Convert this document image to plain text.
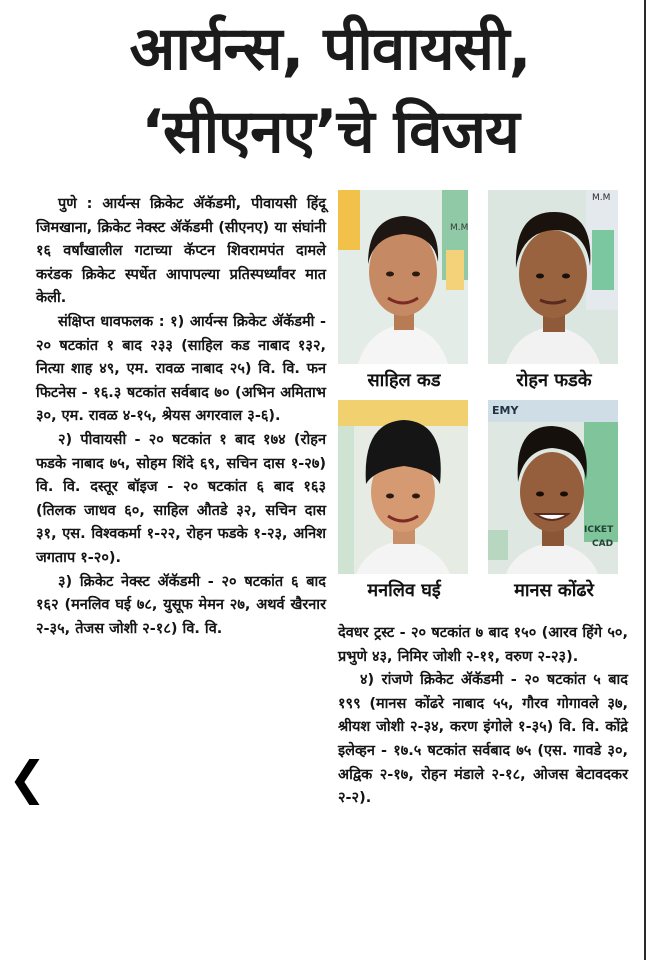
आर्यन्स, पीवायसी,
‘सीएनए’चे विजय

पुणे : आर्यन्स क्रिकेट ॲकॅडमी, पीवायसी हिंदू जिमखाना, क्रिकेट नेक्स्ट ॲकॅडमी (सीएनए) या संघांनी १६ वर्षांखालील गटाच्या कॅप्टन शिवरामपंत दामले करंडक क्रिकेट स्पर्धेत आपापल्या प्रतिस्पर्ध्यांवर मात केली.

संक्षिप्त धावफलक : १) आर्यन्स क्रिकेट ॲकॅडमी - २० षटकांत १ बाद २३३ (साहिल कड नाबाद १३२, नित्या शाह ४९, एम. रावळ नाबाद २५) वि. वि. फन फिटनेस - १६.३ षटकांत सर्वबाद ७० (अभिन अमिताभ ३०, एम. रावळ ४-१५, श्रेयस अगरवाल ३-६).

२) पीवायसी - २० षटकांत १ बाद १७४ (रोहन फडके नाबाद ७५, सोहम शिंदे ६९, सचिन दास १-२७) वि. वि. दस्तूर बॉइज - २० षटकांत ६ बाद १६३ (तिलक जाधव ६०, साहिल औतडे ३२, सचिन दास ३१, एस. विश्वकर्मा १-२२, रोहन फडके १-२३, अनिश जगताप १-२०).

३) क्रिकेट नेक्स्ट ॲकॅडमी - २० षटकांत ६ बाद १६२ (मनलिव घई ७८, युसूफ मेमन २७, अथर्व खैरनार २-३५, तेजस जोशी २-१८) वि. वि.

M.M
साहिल कड
M.M
रोहन फडके
मनलिव घई
EMY
ICKET
CAD
मानस कोंढरे

देवधर ट्रस्ट - २० षटकांत ७ बाद १५० (आरव हिंगे ५०, प्रभुणे ४३, निमिर जोशी २-११, वरुण २-२३).

४) रांजणे क्रिकेट ॲकॅडमी - २० षटकांत ५ बाद १९९ (मानस कोंढरे नाबाद ५५, गौरव गोगावले ३७, श्रीयश जोशी २-३४, करण इंगोले १-३५) वि. वि. कोंद्रे इलेव्हन - १७.५ षटकांत सर्वबाद ७५ (एस. गावडे ३०, अद्विक २-१७, रोहन मंडाले २-१८, ओजस बेटावदकर २-२).

❮
